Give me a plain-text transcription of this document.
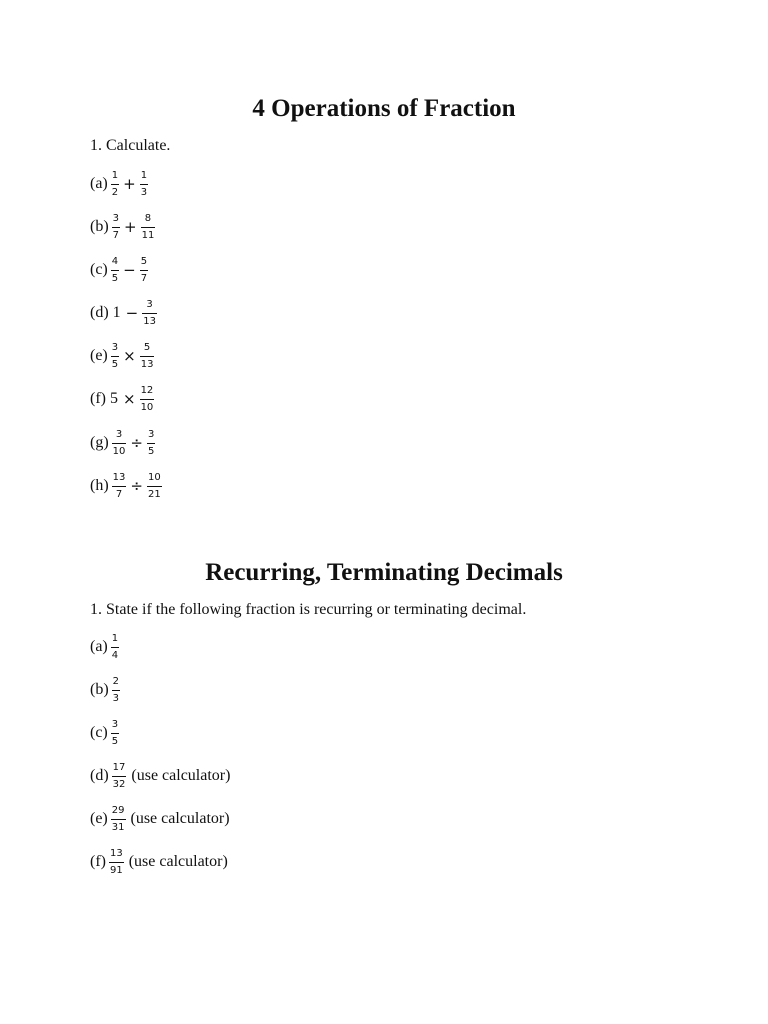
4 Operations of Fraction
1. Calculate.
$(a) \frac{1}{2} + \frac{1}{3}$
$(b) \frac{3}{7} + \frac{8}{11}$
$(c) \frac{4}{5} - \frac{5}{7}$
(d) $1 - \frac{3}{13}$
$(e) \frac{3}{5} \times \frac{5}{13}$
(f) $5 \times \frac{12}{10}$
$(g) \frac{3}{10} \div \frac{3}{5}$
$(h) \frac{13}{7} \div \frac{10}{21}$
Recurring, Terminating Decimals
1. State if the following fraction is recurring or terminating decimal.
$(a) \frac{1}{4}$
$(b) \frac{2}{3}$
$(c) \frac{3}{5}$
$(d) \frac{17}{32} (use$ calculator)
$(e) \frac{29}{31} (use$ calculator)
$(f) \frac{13}{91} (use$ calculator)
